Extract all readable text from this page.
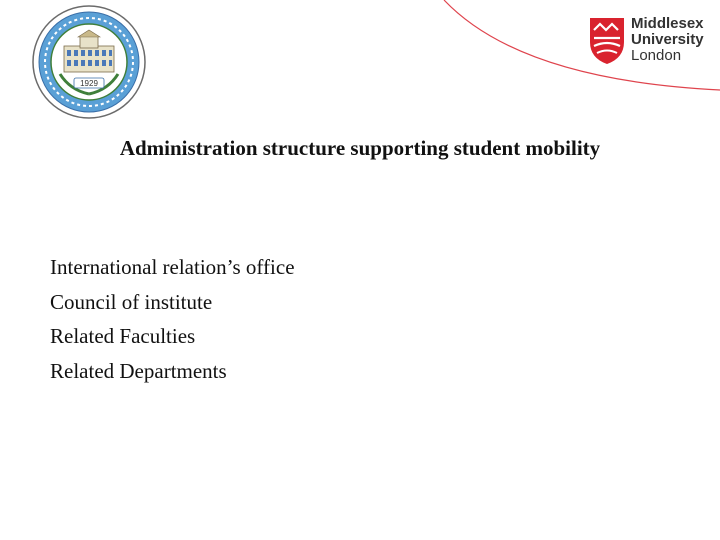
1929
Middlesex
University
London
Administration structure supporting student mobility
International relation’s office
Council of institute
Related Faculties
Related Departments
